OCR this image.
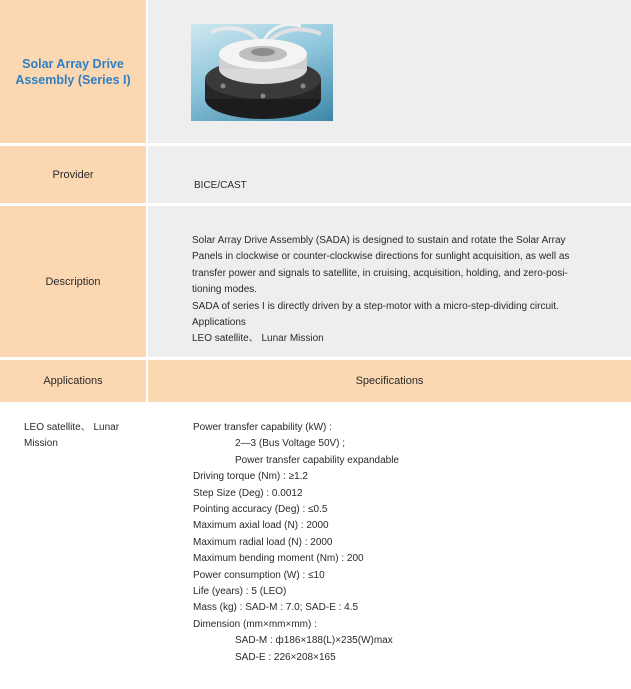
Solar Array Drive Assembly (Series I)
Provider
BICE/CAST
Description
Solar Array Drive Assembly (SADA) is designed to sustain and rotate the Solar Array
Panels in clockwise or counter-clockwise directions for sunlight acquisition, as well as
transfer power and signals to satellite, in cruising, acquisition, holding, and zero-posi-
tioning modes.
SADA of series I is directly driven by a step-motor with a micro-step-dividing circuit.
Applications
LEO satellite、 Lunar Mission
Applications	Specifications
LEO satellite、 Lunar Mission
Power transfer capability (kW) :
2—3 (Bus Voltage 50V) ;
Power transfer capability expandable
Driving torque (Nm) : ≥1.2
Step Size (Deg) : 0.0012
Pointing accuracy (Deg) : ≤0.5
Maximum axial load (N) : 2000
Maximum radial load (N) : 2000
Maximum bending moment (Nm) : 200
Power consumption (W) : ≤10
Life (years) : 5 (LEO)
Mass (kg) : SAD-M : 7.0; SAD-E : 4.5
Dimension (mm×mm×mm) :
SAD-M : ф186×188(L)×235(W)max
SAD-E : 226×208×165
